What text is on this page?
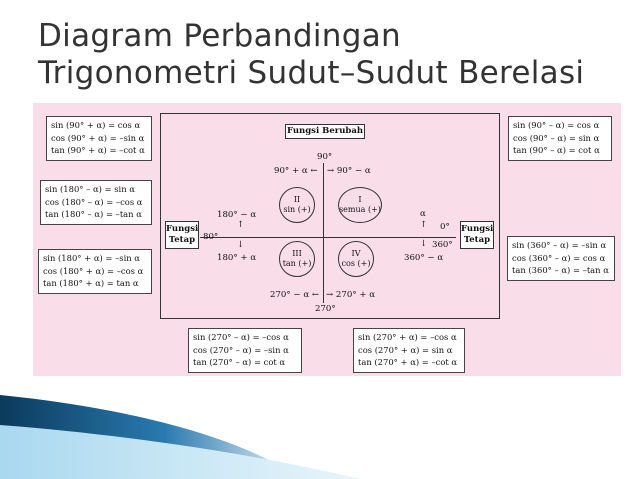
Diagram Perbandingan
Trigonometri Sudut–Sudut Berelasi
sin (90° + α) = cos α
cos (90° + α) = –sin α
tan (90° + α) = –cot α
sin (180° – α) = sin α
cos (180° – α) = –cos α
tan (180° – α) = –tan α
sin (180° + α) = –sin α
cos (180° + α) = –cos α
tan (180° + α) = tan α
sin (90° – α) = cos α
cos (90° – α) = sin α
tan (90° – α) = cot α
sin (360° – α) = –sin α
cos (360° – α) = cos α
tan (360° – α) = –tan α
sin (270° – α) = –cos α
cos (270° – α) = –sin α
tan (270° – α) = cot α
sin (270° + α) = –cos α
cos (270° + α) = sin α
tan (270° + α) = –cot α
Fungsi Berubah
Fungsi
Tetap
Fungsi
Tetap
90°
90° + α ← → 90° − α
180° − α
↑
80°
↓
180° + α
α
↑ 0°
↓ 360°
360° − α
270° − α ← → 270° + α
270°
II
sin (+)
I
semua (+)
III
tan (+)
IV
cos (+)
